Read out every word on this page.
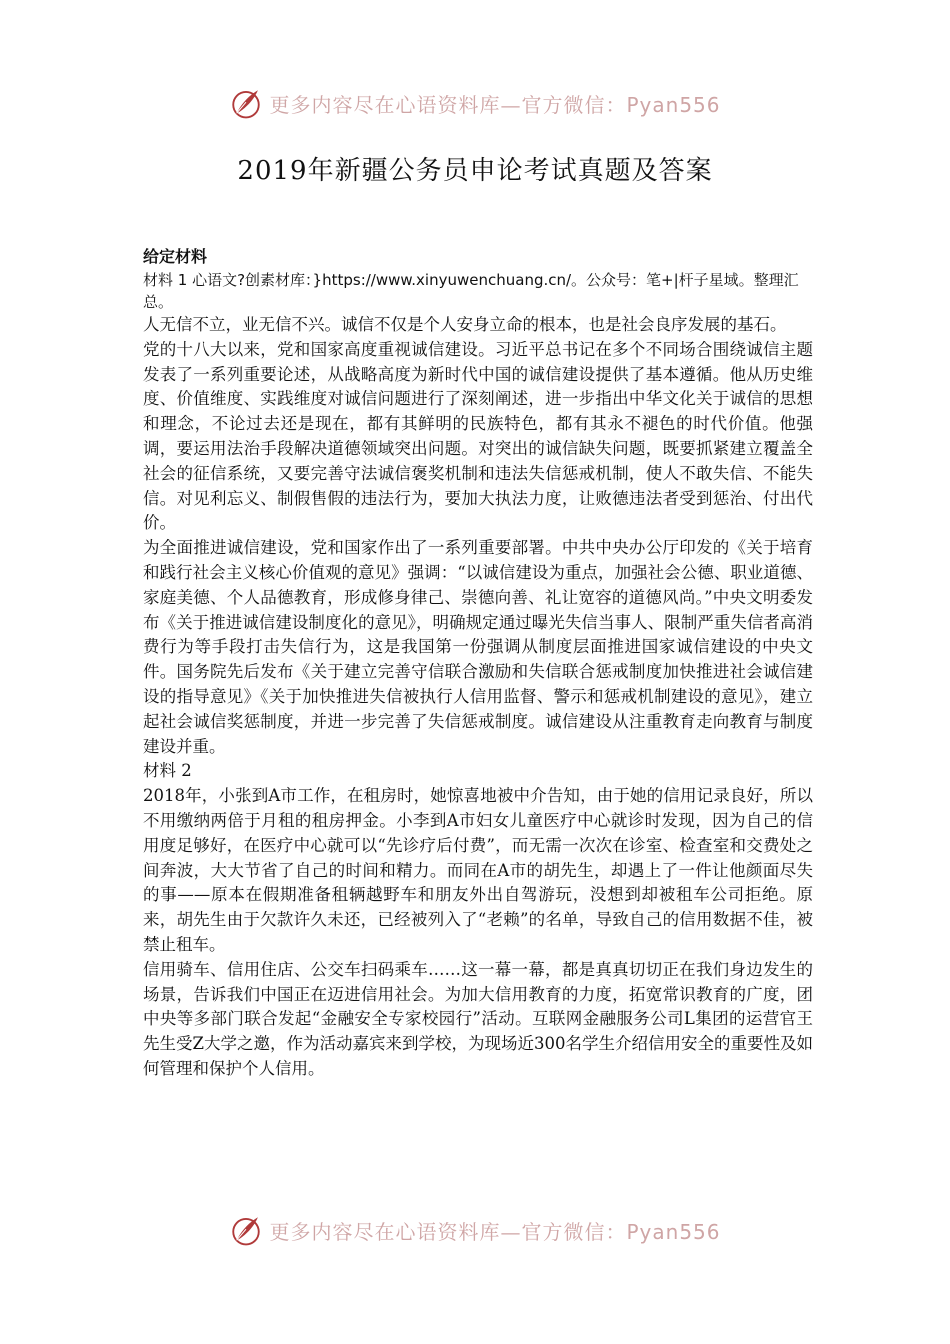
更多内容尽在心语资料库—官方微信：Pyan556
2019年新疆公务员申论考试真题及答案
给定材料
材料 1 心语文?创素材库：}https://www.xinyuwenchuang.cn/。公众号：笔+|杆子星域。整理汇总。

人无信不立，业无信不兴。诚信不仅是个人安身立命的根本，也是社会良序发展的基石。

党的十八大以来，党和国家高度重视诚信建设。习近平总书记在多个不同场合围绕诚信主题发表了一系列重要论述，从战略高度为新时代中国的诚信建设提供了基本遵循。他从历史维度、价值维度、实践维度对诚信问题进行了深刻阐述，进一步指出中华文化关于诚信的思想和理念，不论过去还是现在，都有其鲜明的民族特色，都有其永不褪色的时代价值。他强调，要运用法治手段解决道德领域突出问题。对突出的诚信缺失问题，既要抓紧建立覆盖全社会的征信系统，又要完善守法诚信褒奖机制和违法失信惩戒机制，使人不敢失信、不能失信。对见利忘义、制假售假的违法行为，要加大执法力度，让败德违法者受到惩治、付出代价。

为全面推进诚信建设，党和国家作出了一系列重要部署。中共中央办公厅印发的《关于培育和践行社会主义核心价值观的意见》强调：“以诚信建设为重点，加强社会公德、职业道德、家庭美德、个人品德教育，形成修身律己、崇德向善、礼让宽容的道德风尚。”中央文明委发布《关于推进诚信建设制度化的意见》，明确规定通过曝光失信当事人、限制严重失信者高消费行为等手段打击失信行为，这是我国第一份强调从制度层面推进国家诚信建设的中央文件。国务院先后发布《关于建立完善守信联合激励和失信联合惩戒制度加快推进社会诚信建设的指导意见》《关于加快推进失信被执行人信用监督、警示和惩戒机制建设的意见》，建立起社会诚信奖惩制度，并进一步完善了失信惩戒制度。诚信建设从注重教育走向教育与制度建设并重。

材料 2

2018年，小张到A市工作，在租房时，她惊喜地被中介告知，由于她的信用记录良好，所以不用缴纳两倍于月租的租房押金。小李到A市妇女儿童医疗中心就诊时发现，因为自己的信用度足够好，在医疗中心就可以“先诊疗后付费”，而无需一次次在诊室、检查室和交费处之间奔波，大大节省了自己的时间和精力。而同在A市的胡先生，却遇上了一件让他颜面尽失的事——原本在假期准备租辆越野车和朋友外出自驾游玩，没想到却被租车公司拒绝。原来，胡先生由于欠款许久未还，已经被列入了“老赖”的名单，导致自己的信用数据不佳，被禁止租车。

信用骑车、信用住店、公交车扫码乘车……这一幕一幕，都是真真切切正在我们身边发生的场景，告诉我们中国正在迈进信用社会。为加大信用教育的力度，拓宽常识教育的广度，团中央等多部门联合发起“金融安全专家校园行”活动。互联网金融服务公司L集团的运营官王先生受Z大学之邀，作为活动嘉宾来到学校，为现场近300名学生介绍信用安全的重要性及如何管理和保护个人信用。

更多内容尽在心语资料库—官方微信：Pyan556
